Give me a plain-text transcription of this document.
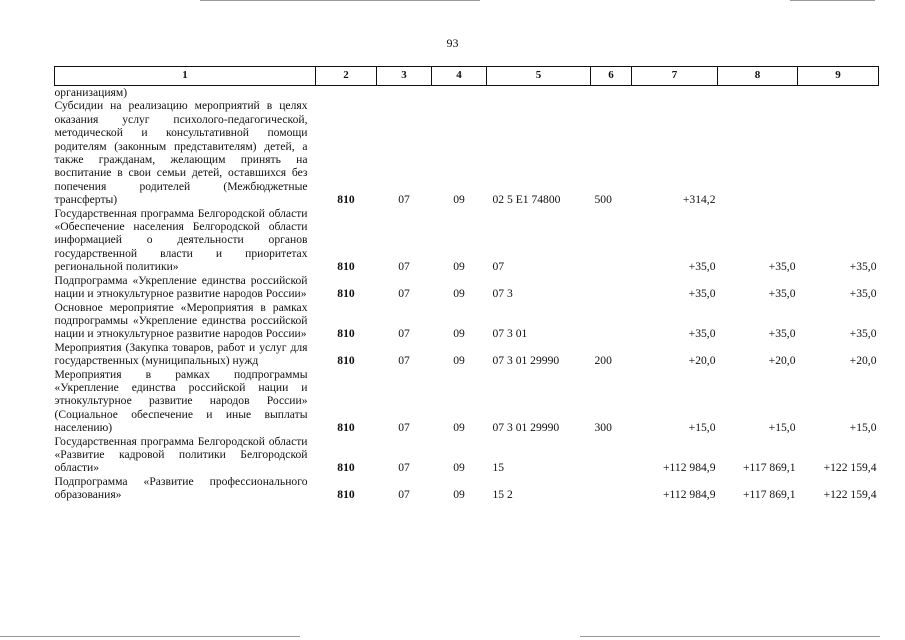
93
1	2	3	4	5	6	7	8	9
организациям)								
Субсидии на реализацию мероприятий в целях оказания услуг психолого-педагогической, методической и консультативной помощи родителям (законным представителям) детей, а также гражданам, желающим принять на воспитание в свои семьи детей, оставшихся без попечения родителей (Межбюджетные трансферты)	810	07	09	02 5 E1 74800	500	+314,2		
Государственная программа Белгородской области «Обеспечение населения Белгородской области информацией о деятельности органов государственной власти и приоритетах региональной политики»	810	07	09	07		+35,0	+35,0	+35,0
Подпрограмма «Укрепление единства российской нации и этнокультурное развитие народов России»	810	07	09	07 3		+35,0	+35,0	+35,0
Основное мероприятие «Мероприятия в рамках подпрограммы «Укрепление единства российской нации и этнокультурное развитие народов России»	810	07	09	07 3 01		+35,0	+35,0	+35,0
Мероприятия (Закупка товаров, работ и услуг для государственных (муниципальных) нужд	810	07	09	07 3 01 29990	200	+20,0	+20,0	+20,0
Мероприятия в рамках подпрограммы «Укрепление единства российской нации и этнокультурное развитие народов России» (Социальное обеспечение и иные выплаты населению)	810	07	09	07 3 01 29990	300	+15,0	+15,0	+15,0
Государственная программа Белгородской области «Развитие кадровой политики Белгородской области»	810	07	09	15		+112 984,9	+117 869,1	+122 159,4
Подпрограмма «Развитие профессионального образования»	810	07	09	15 2		+112 984,9	+117 869,1	+122 159,4
